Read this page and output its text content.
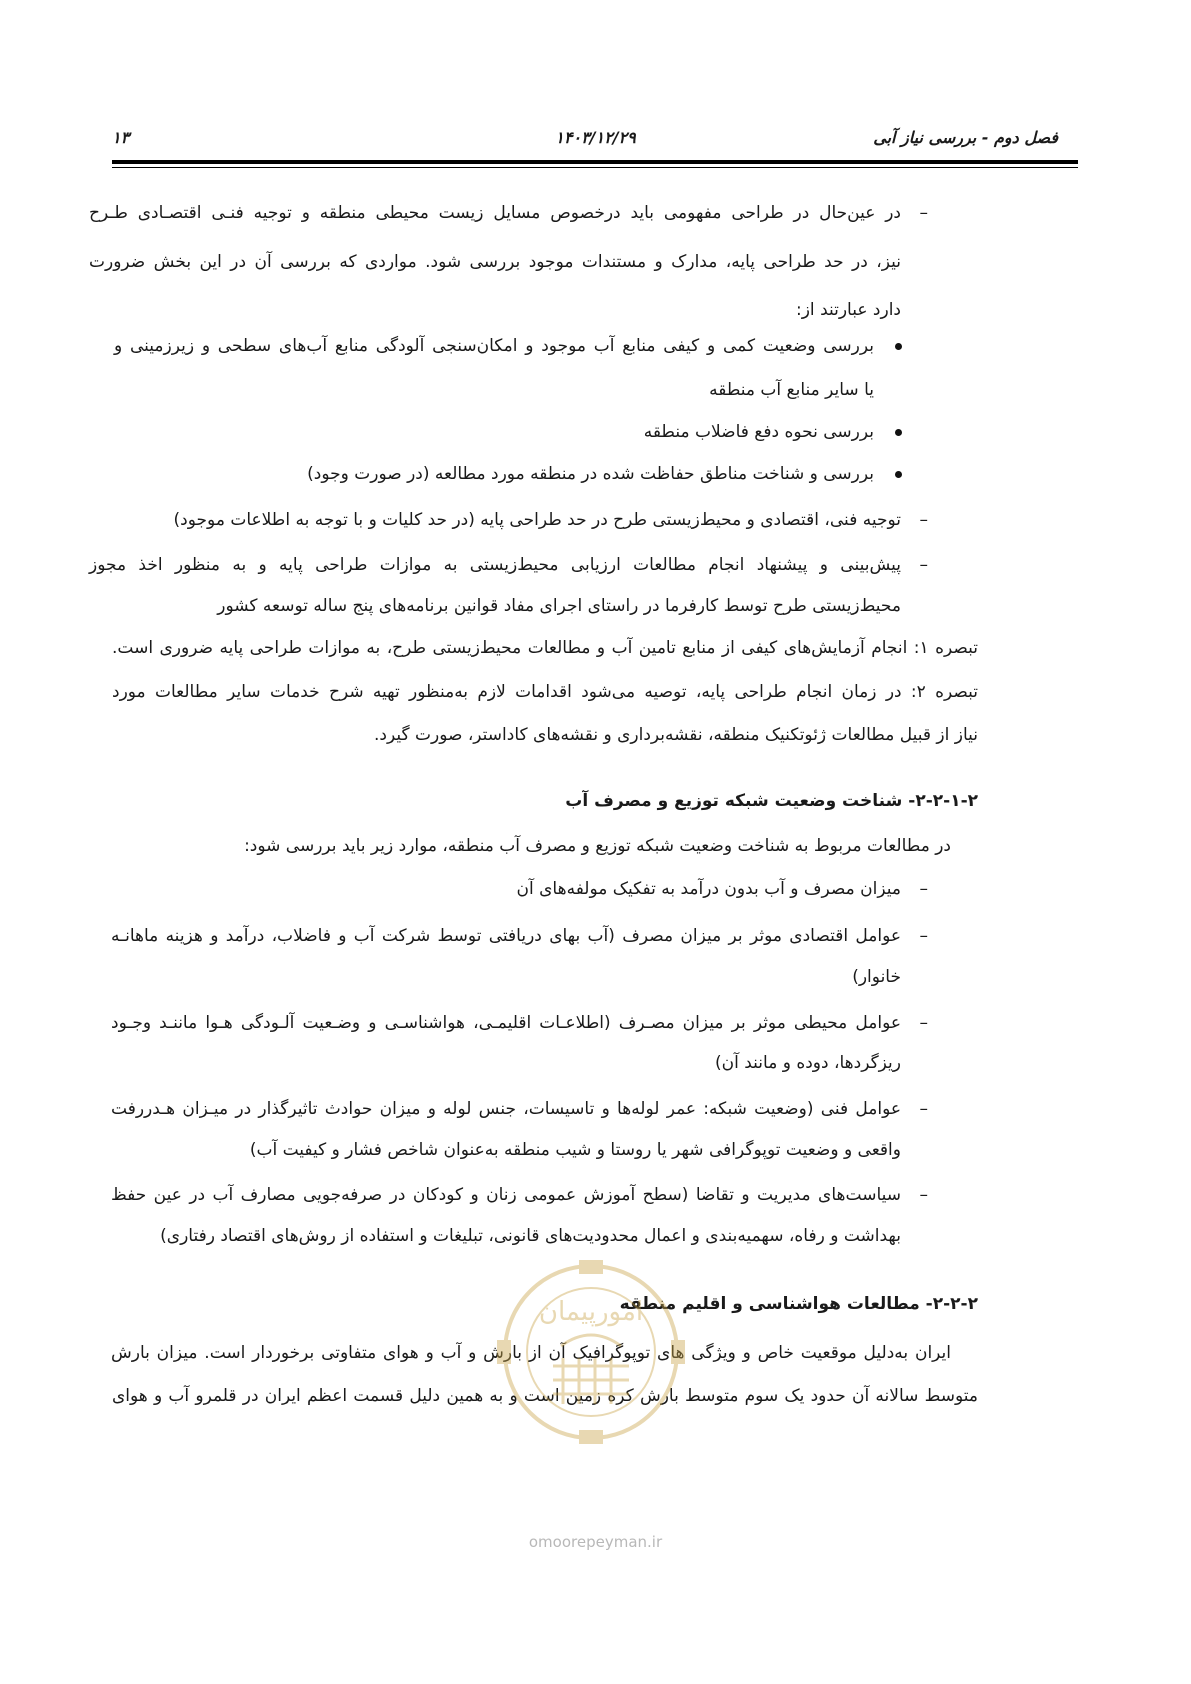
فصل دوم - بررسی نیاز آبی
۱۴۰۳/۱۲/۲۹
۱۳
–
در عین‌حال در طراحی مفهومی باید درخصوص مسایل زیست محیطی منطقه و توجیه فنـی اقتصـادی طـرح
نیز، در حد طراحی پایه، مدارک و مستندات موجود بررسی شود. مواردی که بررسی آن در این بخش ضرورت
دارد عبارتند از:
بررسی وضعیت کمی و کیفی منابع آب موجود و امکان‌سنجی آلودگی منابع آب‌های سطحی و زیرزمینی و
یا سایر منابع آب منطقه
بررسی نحوه دفع فاضلاب منطقه
بررسی و شناخت مناطق حفاظت شده در منطقه مورد مطالعه (در صورت وجود)
–
توجیه فنی، اقتصادی و محیط‌زیستی طرح در حد طراحی پایه (در حد کلیات و با توجه به اطلاعات موجود)
–
پیش‌بینی و پیشنهاد انجام مطالعات ارزیابی محیط‌زیستی به موازات طراحی پایه و به منظور اخذ مجوز
محیط‌زیستی طرح توسط کارفرما در راستای اجرای مفاد قوانین برنامه‌های پنج ساله توسعه کشور
تبصره ۱: انجام آزمایش‌های کیفی از منابع تامین آب و مطالعات محیط‌زیستی طرح، به موازات طراحی پایه ضروری است.
تبصره ۲: در زمان انجام طراحی پایه، توصیه می‌شود اقدامات لازم به‌منظور تهیه شرح خدمات سایر مطالعات مورد
نیاز از قبیل مطالعات ژئوتکنیک منطقه، نقشه‌برداری و نقشه‌های کاداستر، صورت گیرد.
۲-۲-۱-۲- شناخت وضعیت شبکه توزیع و مصرف آب
در مطالعات مربوط به شناخت وضعیت شبکه توزیع و مصرف آب منطقه، موارد زیر باید بررسی شود:
–
میزان مصرف و آب بدون درآمد به تفکیک مولفه‌های آن
–
عوامل اقتصادی موثر بر میزان مصرف (آب بهای دریافتی توسط شرکت آب و فاضلاب، درآمد و هزینه ماهانـه
خانوار)
–
عوامل محیطی موثر بر میزان مصـرف (اطلاعـات اقلیمـی، هواشناسـی و وضـعیت آلـودگی هـوا ماننـد وجـود
ریزگردها، دوده و مانند آن)
–
عوامل فنی (وضعیت شبکه: عمر لوله‌ها و تاسیسات، جنس لوله و میزان حوادث تاثیرگذار در میـزان هـدررفت
واقعی و وضعیت توپوگرافی شهر یا روستا و شیب منطقه به‌عنوان شاخص فشار و کیفیت آب)
–
سیاست‌های مدیریت و تقاضا (سطح آموزش عمومی زنان و کودکان در صرفه‌جویی مصارف آب در عین حفظ
بهداشت و رفاه، سهمیه‌بندی و اعمال محدودیت‌های قانونی، تبلیغات و استفاده از روش‌های اقتصاد رفتاری)
۲-۲-۲- مطالعات هواشناسی و اقلیم منطقه
ایران به‌دلیل موقعیت خاص و ویژگی های توپوگرافیک آن از بارش و آب و هوای متفاوتی برخوردار است. میزان بارش
متوسط سالانه آن حدود یک سوم متوسط بارش کره زمین است و به همین دلیل قسمت اعظم ایران در قلمرو آب و هوای
امورپیمان
omoorepeyman.ir
